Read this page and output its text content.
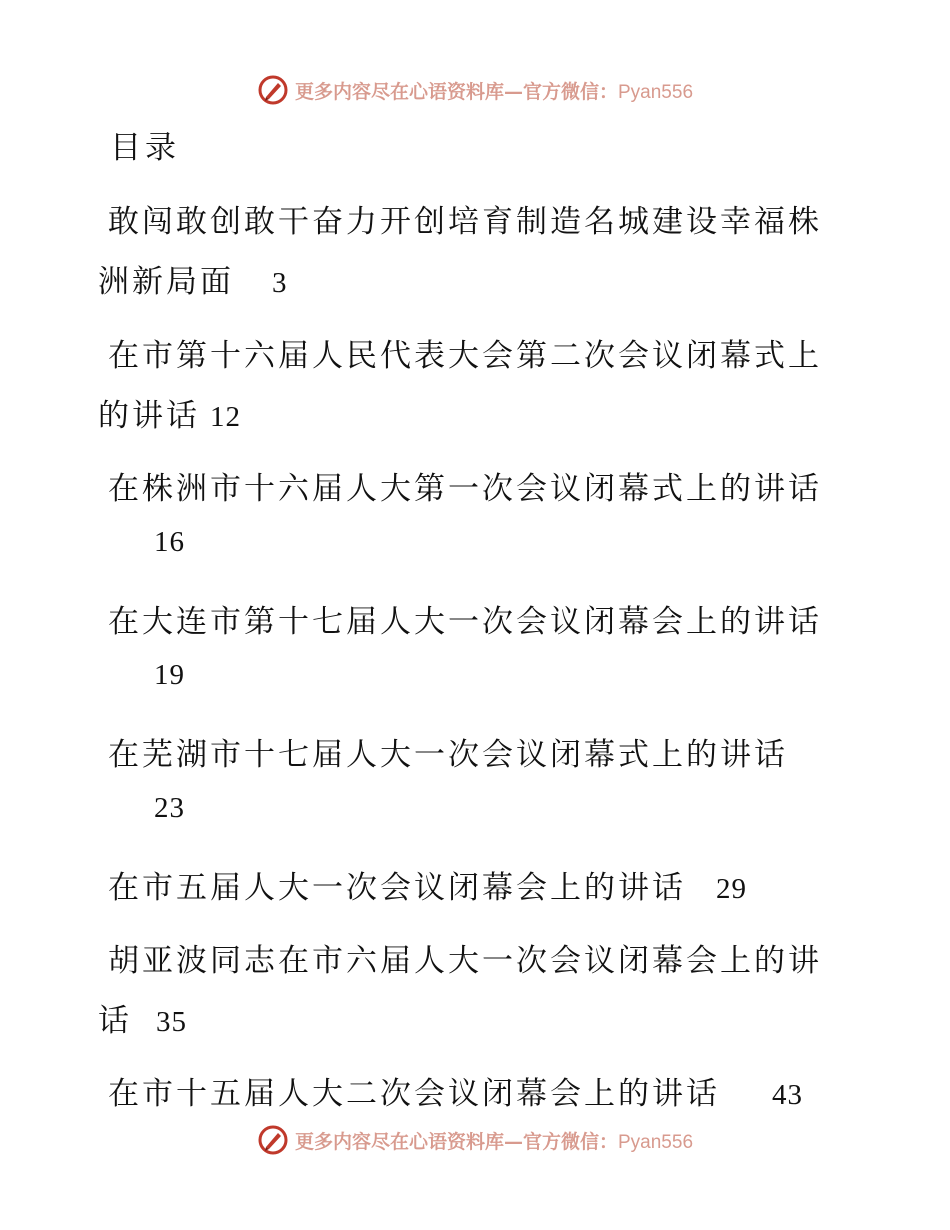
更多内容尽在心语资料库—官方微信：Pyan556
目录
敢闯敢创敢干奋力开创培育制造名城建设幸福株
洲新局面 3
在市第十六届人民代表大会第二次会议闭幕式上
的讲话 12
在株洲市十六届人大第一次会议闭幕式上的讲话
16
在大连市第十七届人大一次会议闭幕会上的讲话
19
在芜湖市十七届人大一次会议闭幕式上的讲话
23
在市五届人大一次会议闭幕会上的讲话 29
胡亚波同志在市六届人大一次会议闭幕会上的讲
话 35
在市十五届人大二次会议闭幕会上的讲话 43
更多内容尽在心语资料库—官方微信：Pyan556
